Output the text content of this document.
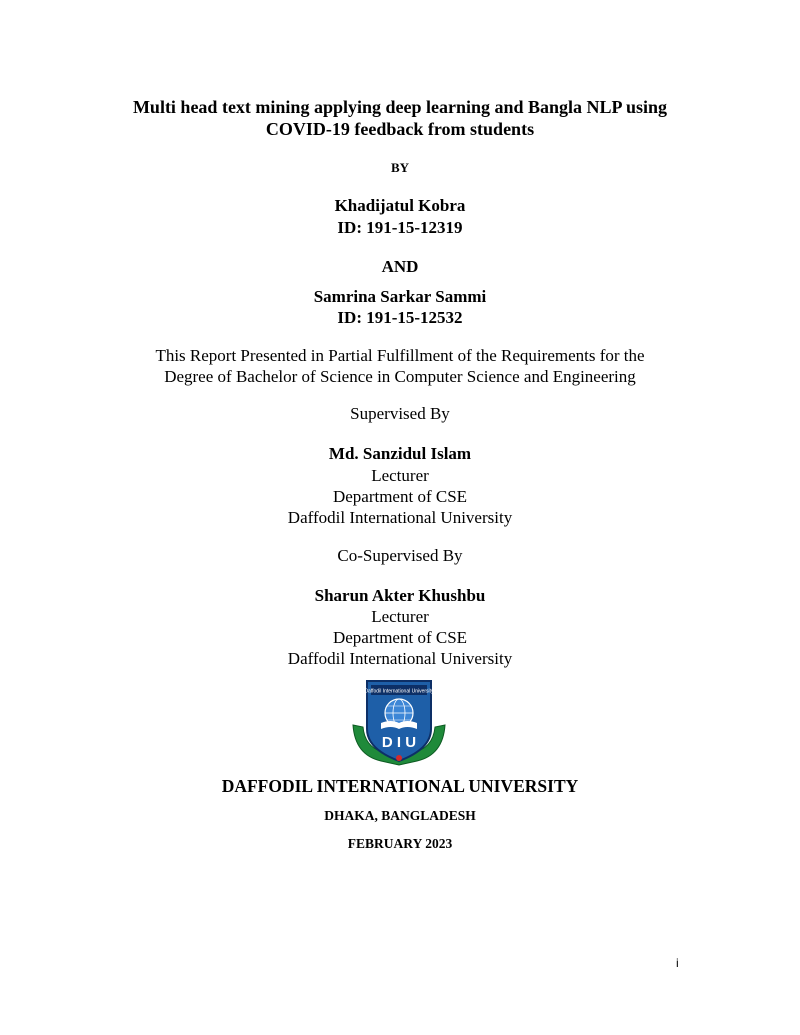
Multi head text mining applying deep learning and Bangla NLP using
COVID-19 feedback from students
BY
Khadijatul Kobra
ID: 191-15-12319
AND
Samrina Sarkar Sammi
ID: 191-15-12532
This Report Presented in Partial Fulfillment of the Requirements for the
Degree of Bachelor of Science in Computer Science and Engineering
Supervised By
Md. Sanzidul Islam
Lecturer
Department of CSE
Daffodil International University
Co-Supervised By
Sharun Akter Khushbu
Lecturer
Department of CSE
Daffodil International University
Daffodil International University
D I U
DAFFODIL INTERNATIONAL UNIVERSITY
DHAKA, BANGLADESH
FEBRUARY 2023
i
